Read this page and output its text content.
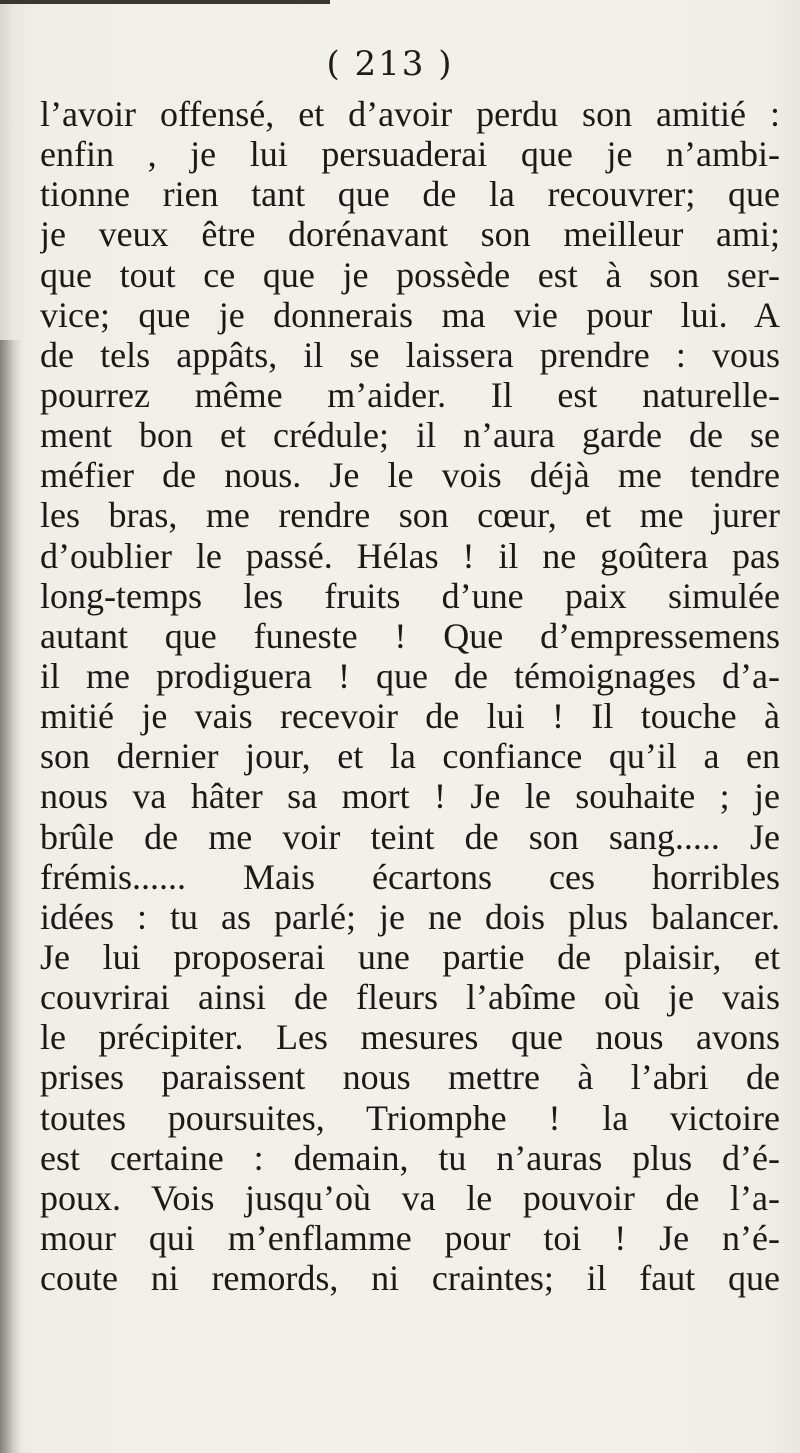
( 213 )
l’avoir offensé, et d’avoir perdu son amitié :
enfin , je lui persuaderai que je n’ambi-
tionne rien tant que de la recouvrer; que
je veux être dorénavant son meilleur ami;
que tout ce que je possède est à son ser-
vice; que je donnerais ma vie pour lui. A
de tels appâts, il se laissera prendre : vous
pourrez même m’aider. Il est naturelle-
ment bon et crédule; il n’aura garde de se
méfier de nous. Je le vois déjà me tendre
les bras, me rendre son cœur, et me jurer
d’oublier le passé. Hélas ! il ne goûtera pas
long-temps les fruits d’une paix simulée
autant que funeste ! Que d’empressemens
il me prodiguera ! que de témoignages d’a-
mitié je vais recevoir de lui ! Il touche à
son dernier jour, et la confiance qu’il a en
nous va hâter sa mort ! Je le souhaite ; je
brûle de me voir teint de son sang..... Je
frémis...... Mais écartons ces horribles
idées : tu as parlé; je ne dois plus balancer.
Je lui proposerai une partie de plaisir, et
couvrirai ainsi de fleurs l’abîme où je vais
le précipiter. Les mesures que nous avons
prises paraissent nous mettre à l’abri de
toutes poursuites, Triomphe ! la victoire
est certaine : demain, tu n’auras plus d’é-
poux. Vois jusqu’où va le pouvoir de l’a-
mour qui m’enflamme pour toi ! Je n’é-
coute ni remords, ni craintes; il faut que
